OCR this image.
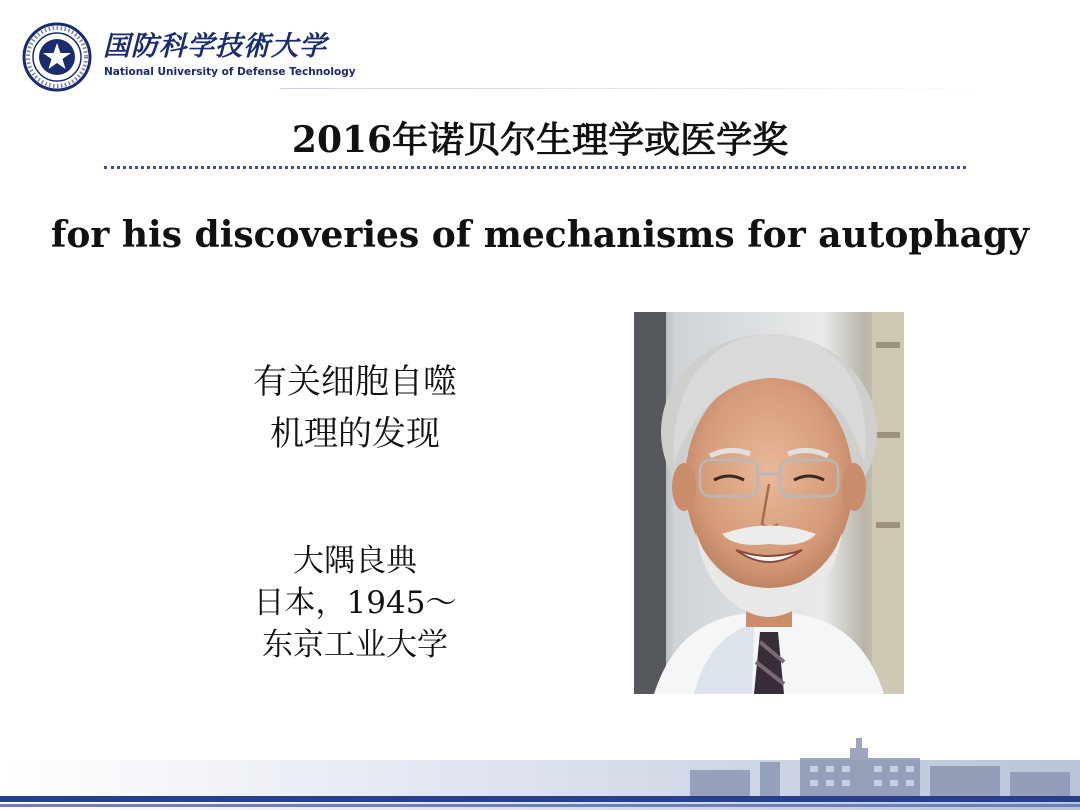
国防科学技術大学
National University of Defense Technology
2016年诺贝尔生理学或医学奖
for his discoveries of mechanisms for autophagy
有关细胞自噬
机理的发现
大隅良典
日本，1945～
东京工业大学
